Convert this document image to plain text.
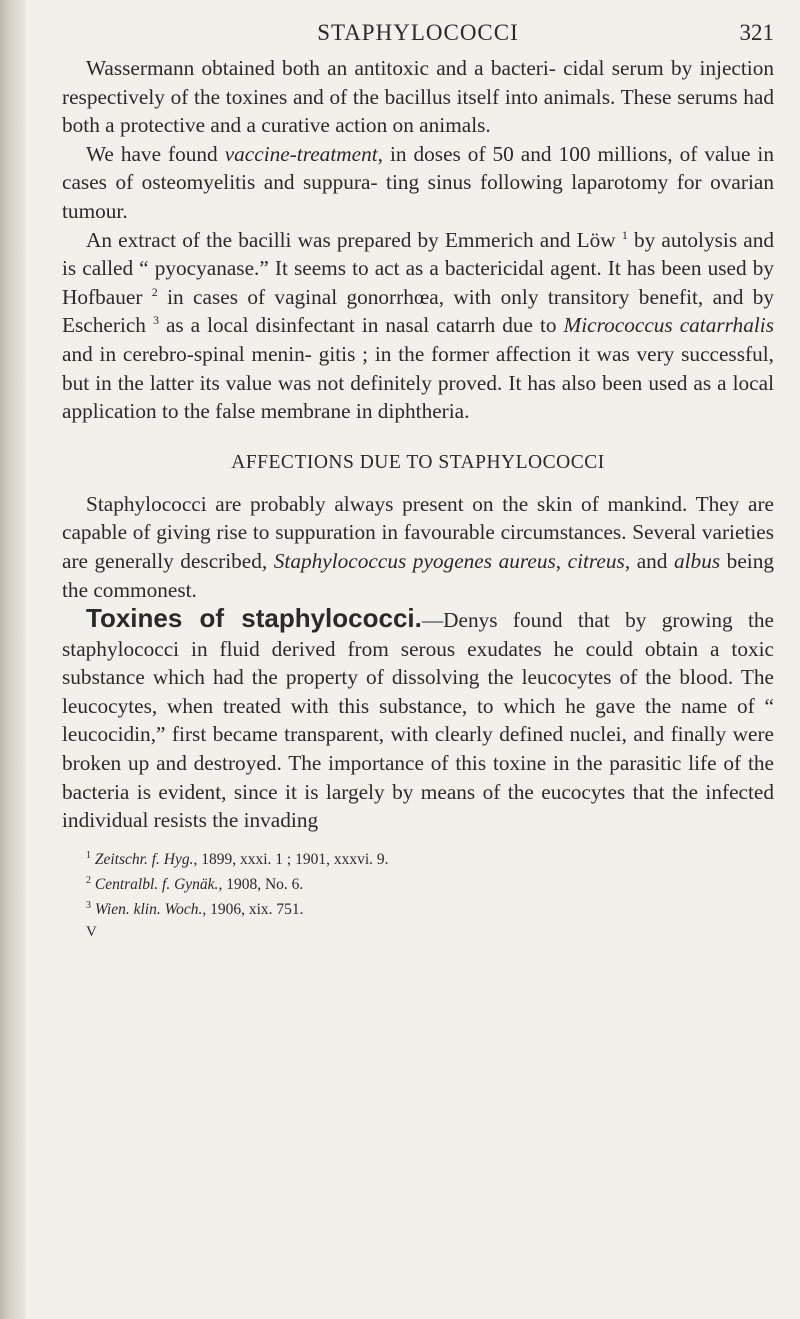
STAPHYLOCOCCI	321

Wassermann obtained both an antitoxic and a bacteri- cidal serum by injection respectively of the toxines and of the bacillus itself into animals. These serums had both a protective and a curative action on animals.

We have found vaccine-treatment, in doses of 50 and 100 millions, of value in cases of osteomyelitis and suppura- ting sinus following laparotomy for ovarian tumour.

An extract of the bacilli was prepared by Emmerich and Löw $^1$ by autolysis and is called “ pyocyanase.” It seems to act as a bactericidal agent. It has been used by Hofbauer $^2$ in cases of vaginal gonorrhœa, with only transitory benefit, and by Escherich $^3$ as a local disinfectant in nasal catarrh due to Micrococcus catarrhalis and in cerebro-spinal menin- gitis ; in the former affection it was very successful, but in the latter its value was not definitely proved. It has also been used as a local application to the false membrane in diphtheria.

AFFECTIONS DUE TO STAPHYLOCOCCI

Staphylococci are probably always present on the skin of mankind. They are capable of giving rise to suppuration in favourable circumstances. Several varieties are generally described, Staphylococcus pyogenes aureus, citreus, and albus being the commonest.

Toxines of staphylococci.—Denys found that by growing the staphylococci in fluid derived from serous exudates he could obtain a toxic substance which had the property of dissolving the leucocytes of the blood. The leucocytes, when treated with this substance, to which he gave the name of “ leucocidin,” first became transparent, with clearly defined nuclei, and finally were broken up and destroyed. The importance of this toxine in the parasitic life of the bacteria is evident, since it is largely by means of the eucocytes that the infected individual resists the invading

$^1$ Zeitschr. f. Hyg., 1899, xxxi. 1 ; 1901, xxxvi. 9.
$^2$ Centralbl. f. Gynäk., 1908, No. 6.
$^3$ Wien. klin. Woch., 1906, xix. 751.
V
